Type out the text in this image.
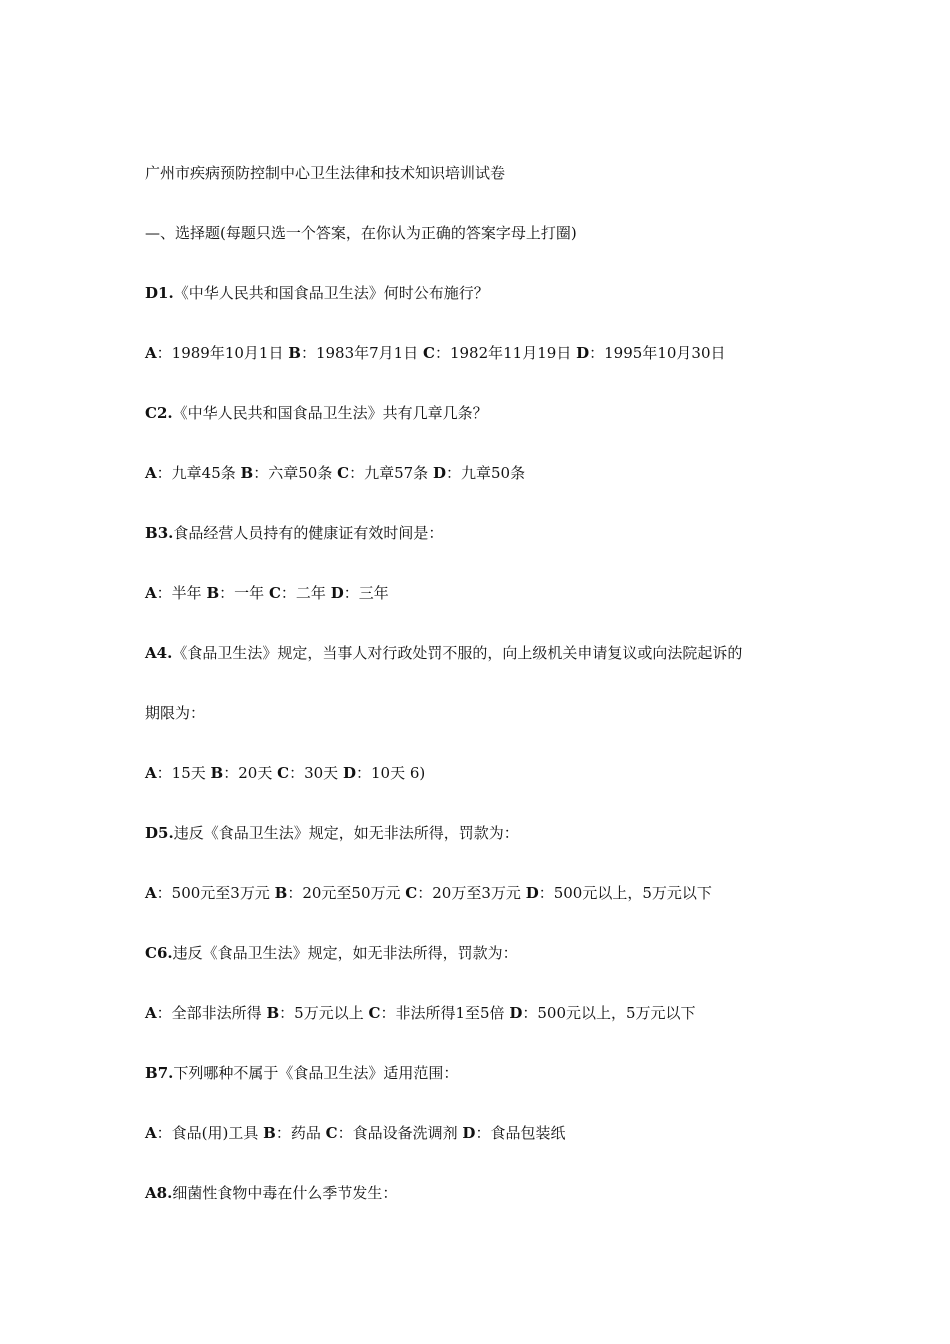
广州市疾病预防控制中心卫生法律和技术知识培训试卷
—、选择题(每题只选一个答案，在你认为正确的答案字母上打圈)
D1.《中华人民共和国食品卫生法》何时公布施行？
A：1989年10月1日 B：1983年7月1日 C：1982年11月19日 D：1995年10月30日
C2.《中华人民共和国食品卫生法》共有几章几条？
A：九章45条 B：六章50条 C：九章57条 D：九章50条
B3.食品经营人员持有的健康证有效时间是：
A：半年 B：一年 C：二年 D：三年
A4.《食品卫生法》规定，当事人对行政处罚不服的，向上级机关申请复议或向法院起诉的
期限为：
A：15天 B：20天 C：30天 D：10天 6)
D5.违反《食品卫生法》规定，如无非法所得，罚款为：
A：500元至3万元 B：20元至50万元 C：20万至3万元 D：500元以上，5万元以下
C6.违反《食品卫生法》规定，如无非法所得，罚款为：
A：全部非法所得 B：5万元以上 C：非法所得1至5倍 D：500元以上，5万元以下
B7.下列哪种不属于《食品卫生法》适用范围：
A：食品(用)工具 B：药品 C：食品设备洗调剂 D：食品包装纸
A8.细菌性食物中毒在什么季节发生：
